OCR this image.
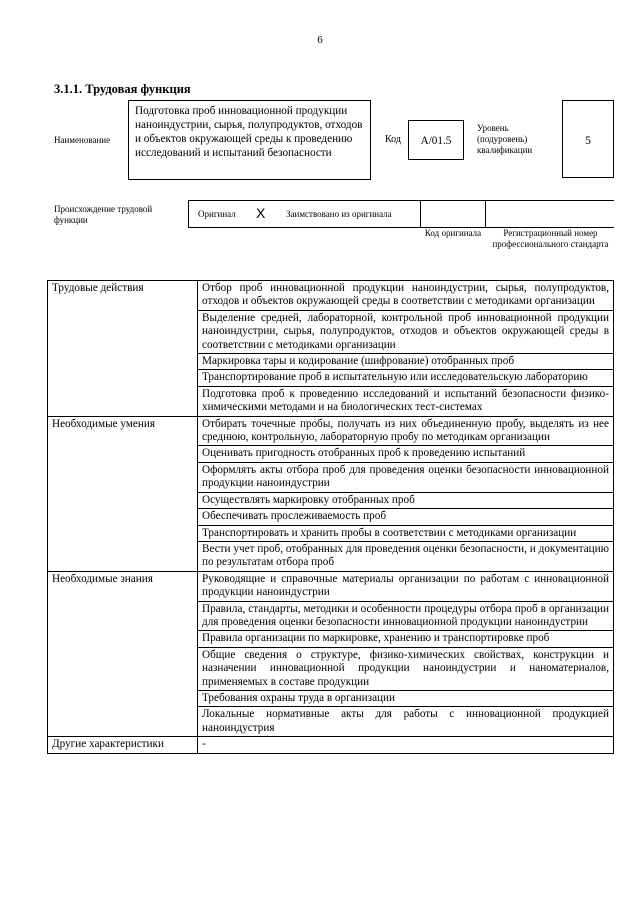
6
3.1.1. Трудовая функция
Наименование
Подготовка проб инновационной продукции наноиндустрии, сырья, полупродуктов, отходов и объектов окружающей среды к проведению исследований и испытаний безопасности
Код	А/01.5
Уровень (подуровень) квалификации
5
Происхождение трудовой функции
Оригинал X Заимствовано из оригинала
Код оригинала	Регистрационный номер профессионального стандарта
Трудовые действия	Отбор проб инновационной продукции наноиндустрии, сырья, полупродуктов, отходов и объектов окружающей среды в соответствии с методиками организации
	Выделение средней, лабораторной, контрольной проб инновационной продукции наноиндустрии, сырья, полупродуктов, отходов и объектов окружающей среды в соответствии с методиками организации
	Маркировка тары и кодирование (шифрование) отобранных проб
	Транспортирование проб в испытательную или исследовательскую лабораторию
	Подготовка проб к проведению исследований и испытаний безопасности физико-химическими методами и на биологических тест-системах
Необходимые умения	Отбирать точечные пробы, получать из них объединенную пробу, выделять из нее среднюю, контрольную, лабораторную пробу по методикам организации
	Оценивать пригодность отобранных проб к проведению испытаний
	Оформлять акты отбора проб для проведения оценки безопасности инновационной продукции наноиндустрии
	Осуществлять маркировку отобранных проб
	Обеспечивать прослеживаемость проб
	Транспортировать и хранить пробы в соответствии с методиками организации
	Вести учет проб, отобранных для проведения оценки безопасности, и документацию по результатам отбора проб
Необходимые знания	Руководящие и справочные материалы организации по работам с инновационной продукции наноиндустрии
	Правила, стандарты, методики и особенности процедуры отбора проб в организации для проведения оценки безопасности инновационной продукции наноиндустрии
	Правила организации по маркировке, хранению и транспортировке проб
	Общие сведения о структуре, физико-химических свойствах, конструкции и назначении инновационной продукции наноиндустрии и наноматериалов, применяемых в составе продукции
	Требования охраны труда в организации
	Локальные нормативные акты для работы с инновационной продукцией наноиндустрия
Другие характеристики	-
